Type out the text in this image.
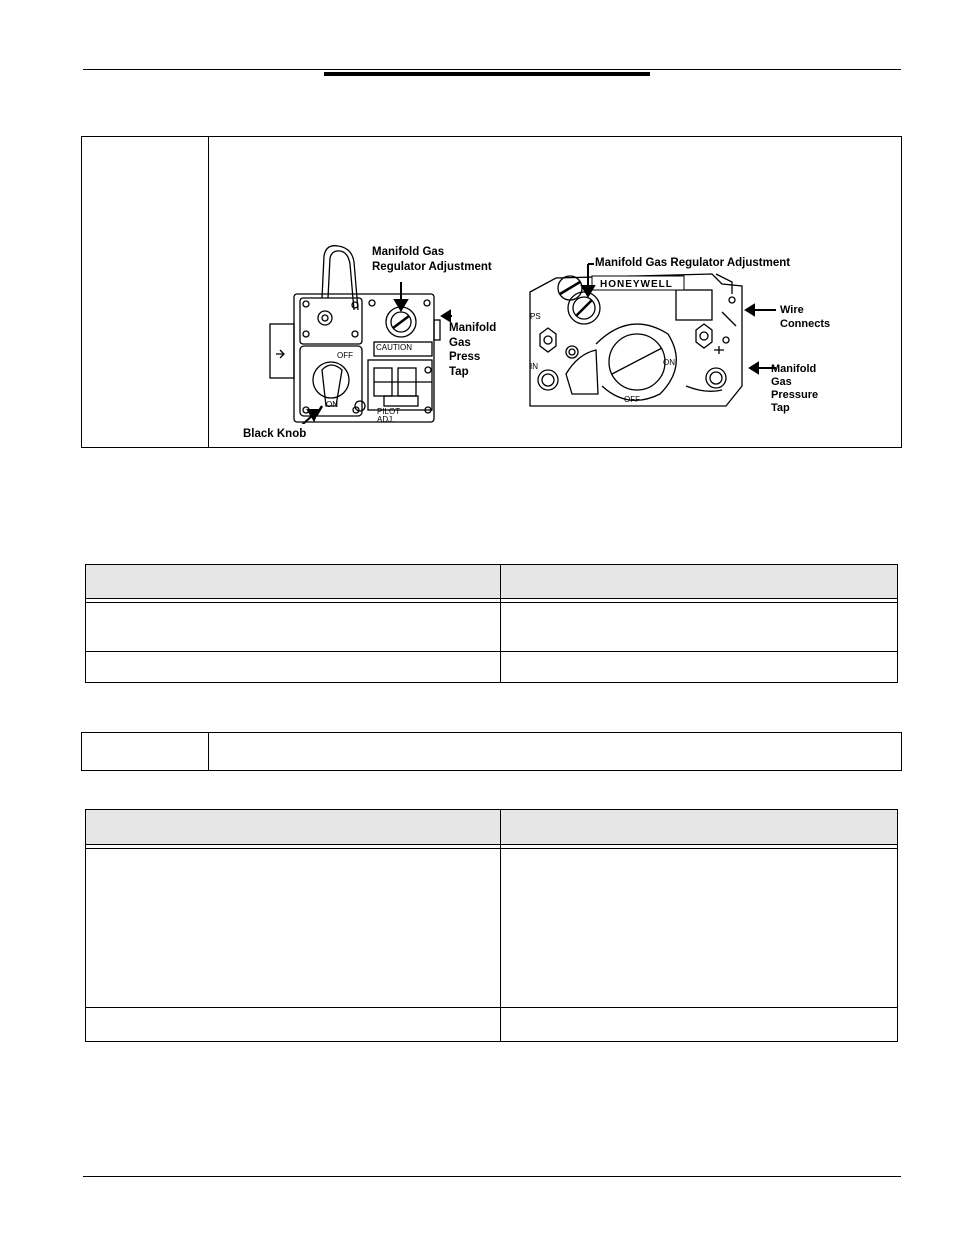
CAUTION
OFF
ON
PILOT
ADJ.
Manifold Gas
Regulator Adjustment
Manifold
Gas
Press
Tap
Black Knob
HONEYWELL
PS
IN	ON
OFF
Manifold Gas Regulator Adjustment
Wire
Connects
Manifold
Gas
Pressure
Tap
